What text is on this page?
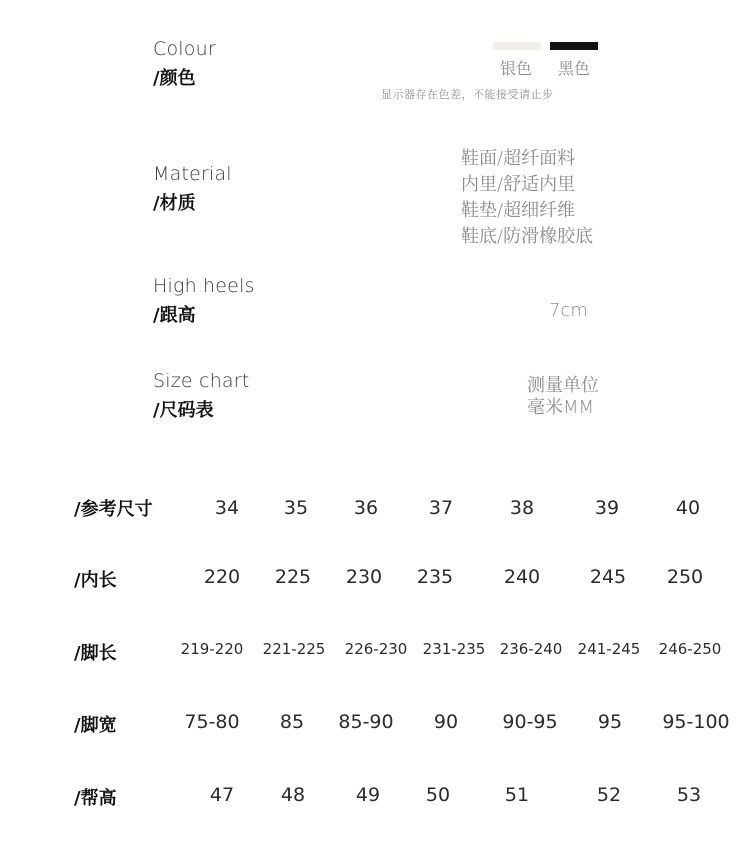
Colour
/颜色	银色 黑色
显示器存在色差，不能接受请止步
Material
/材质
鞋面/超纤面料
内里/舒适内里
鞋垫/超细纤维
鞋底/防滑橡胶底
High heels
/跟高	7cm
Size chart
/尺码表
测量单位
毫米MM
/参考尺寸	34 35 36	37	38	39	40
/内长	220 225 230 235	240	245 250
/脚长	219-220 221-225 226-230 231-235 236-240 241-245 246-250
/脚宽	75-80 85 85-90 90 90-95 95 95-100
/帮高	47 48	49 50	51	52	53
